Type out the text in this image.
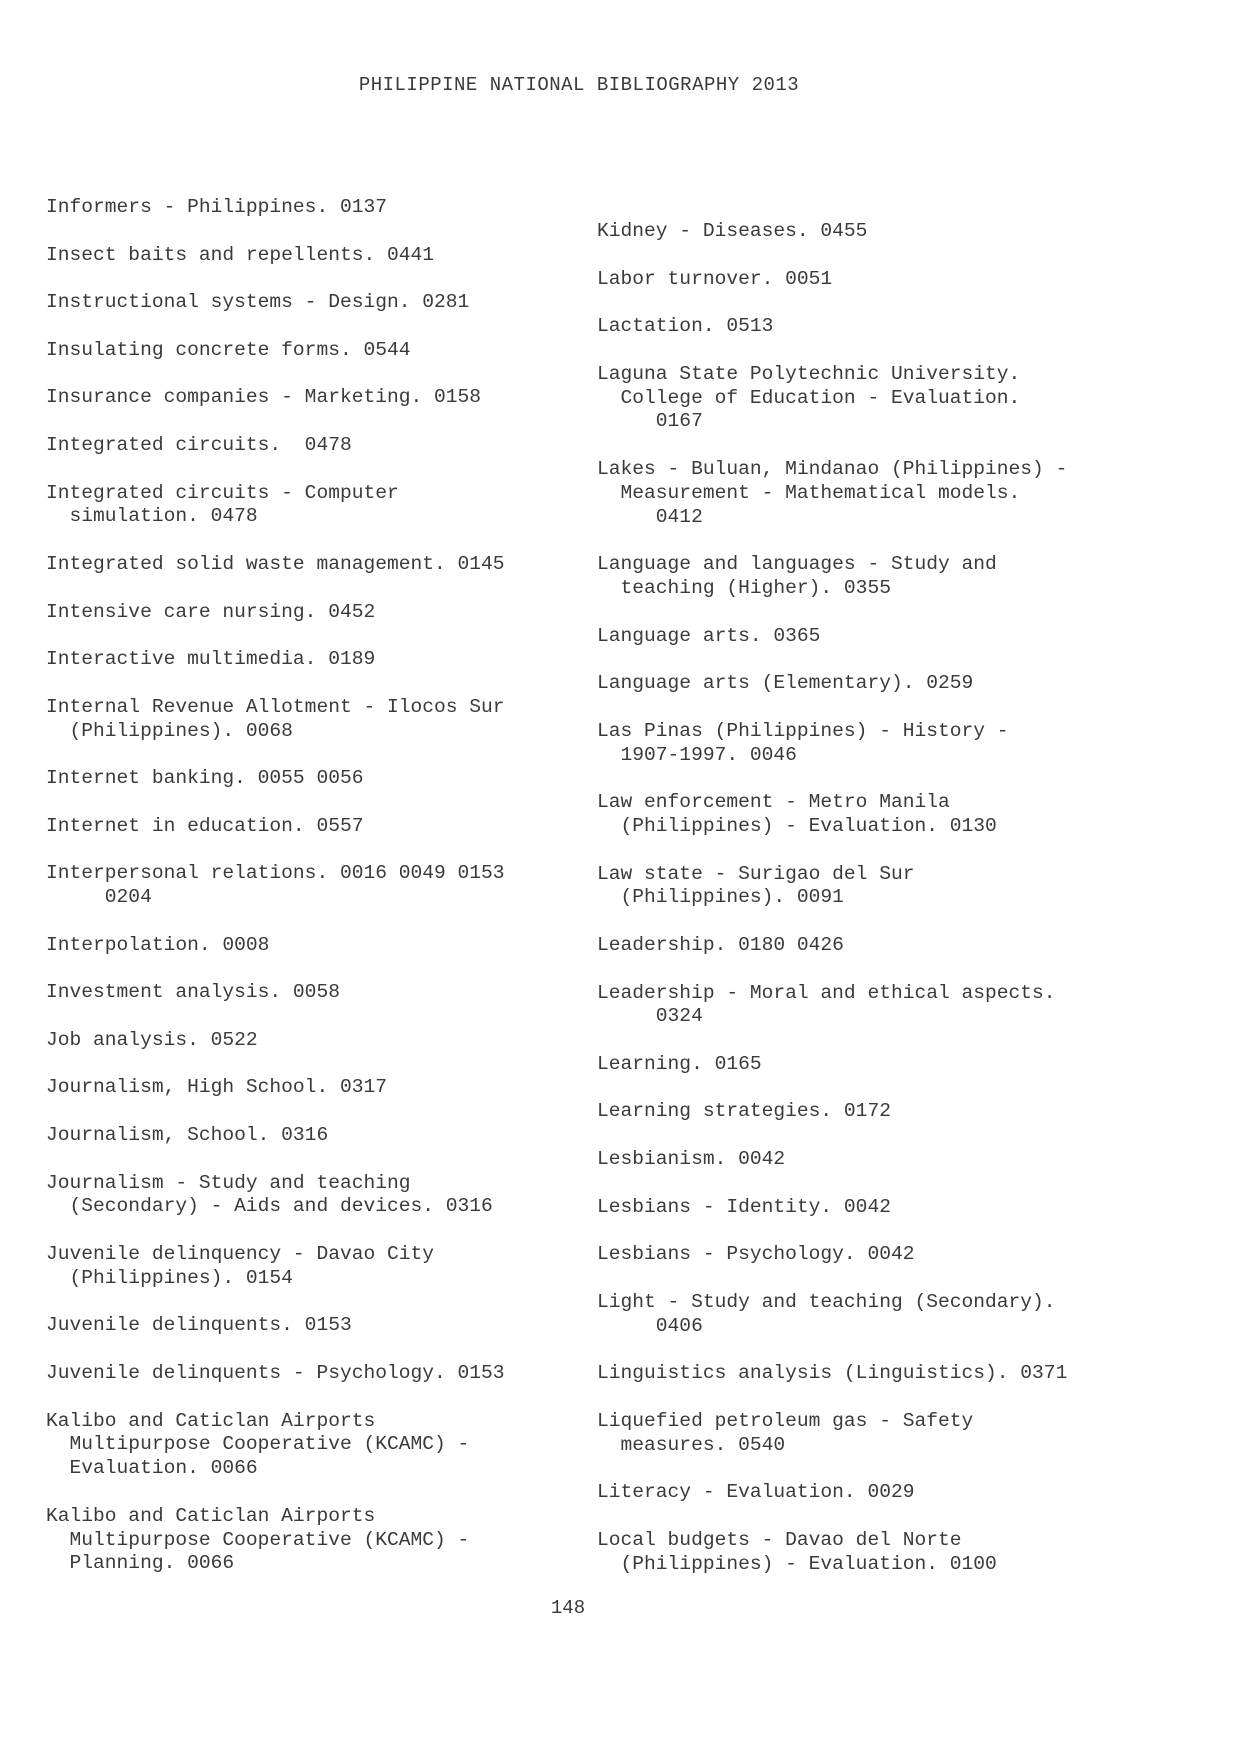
PHILIPPINE NATIONAL BIBLIOGRAPHY 2013
Informers - Philippines. 0137
Insect baits and repellents. 0441
Instructional systems - Design. 0281
Insulating concrete forms. 0544
Insurance companies - Marketing. 0158
Integrated circuits.  0478
Integrated circuits - Computer
simulation. 0478
Integrated solid waste management. 0145
Intensive care nursing. 0452
Interactive multimedia. 0189
Internal Revenue Allotment - Ilocos Sur
(Philippines). 0068
Internet banking. 0055 0056
Internet in education. 0557
Interpersonal relations. 0016 0049 0153
0204
Interpolation. 0008
Investment analysis. 0058
Job analysis. 0522
Journalism, High School. 0317
Journalism, School. 0316
Journalism - Study and teaching
(Secondary) - Aids and devices. 0316
Juvenile delinquency - Davao City
(Philippines). 0154
Juvenile delinquents. 0153
Juvenile delinquents - Psychology. 0153
Kalibo and Caticlan Airports
Multipurpose Cooperative (KCAMC) -
Evaluation. 0066
Kalibo and Caticlan Airports
Multipurpose Cooperative (KCAMC) -
Planning. 0066
Kidney - Diseases. 0455
Labor turnover. 0051
Lactation. 0513
Laguna State Polytechnic University.
College of Education - Evaluation.
0167
Lakes - Buluan, Mindanao (Philippines) -
Measurement - Mathematical models.
0412
Language and languages - Study and
teaching (Higher). 0355
Language arts. 0365
Language arts (Elementary). 0259
Las Pinas (Philippines) - History -
1907-1997. 0046
Law enforcement - Metro Manila
(Philippines) - Evaluation. 0130
Law state - Surigao del Sur
(Philippines). 0091
Leadership. 0180 0426
Leadership - Moral and ethical aspects.
0324
Learning. 0165
Learning strategies. 0172
Lesbianism. 0042
Lesbians - Identity. 0042
Lesbians - Psychology. 0042
Light - Study and teaching (Secondary).
0406
Linguistics analysis (Linguistics). 0371
Liquefied petroleum gas - Safety
measures. 0540
Literacy - Evaluation. 0029
Local budgets - Davao del Norte
(Philippines) - Evaluation. 0100
148
